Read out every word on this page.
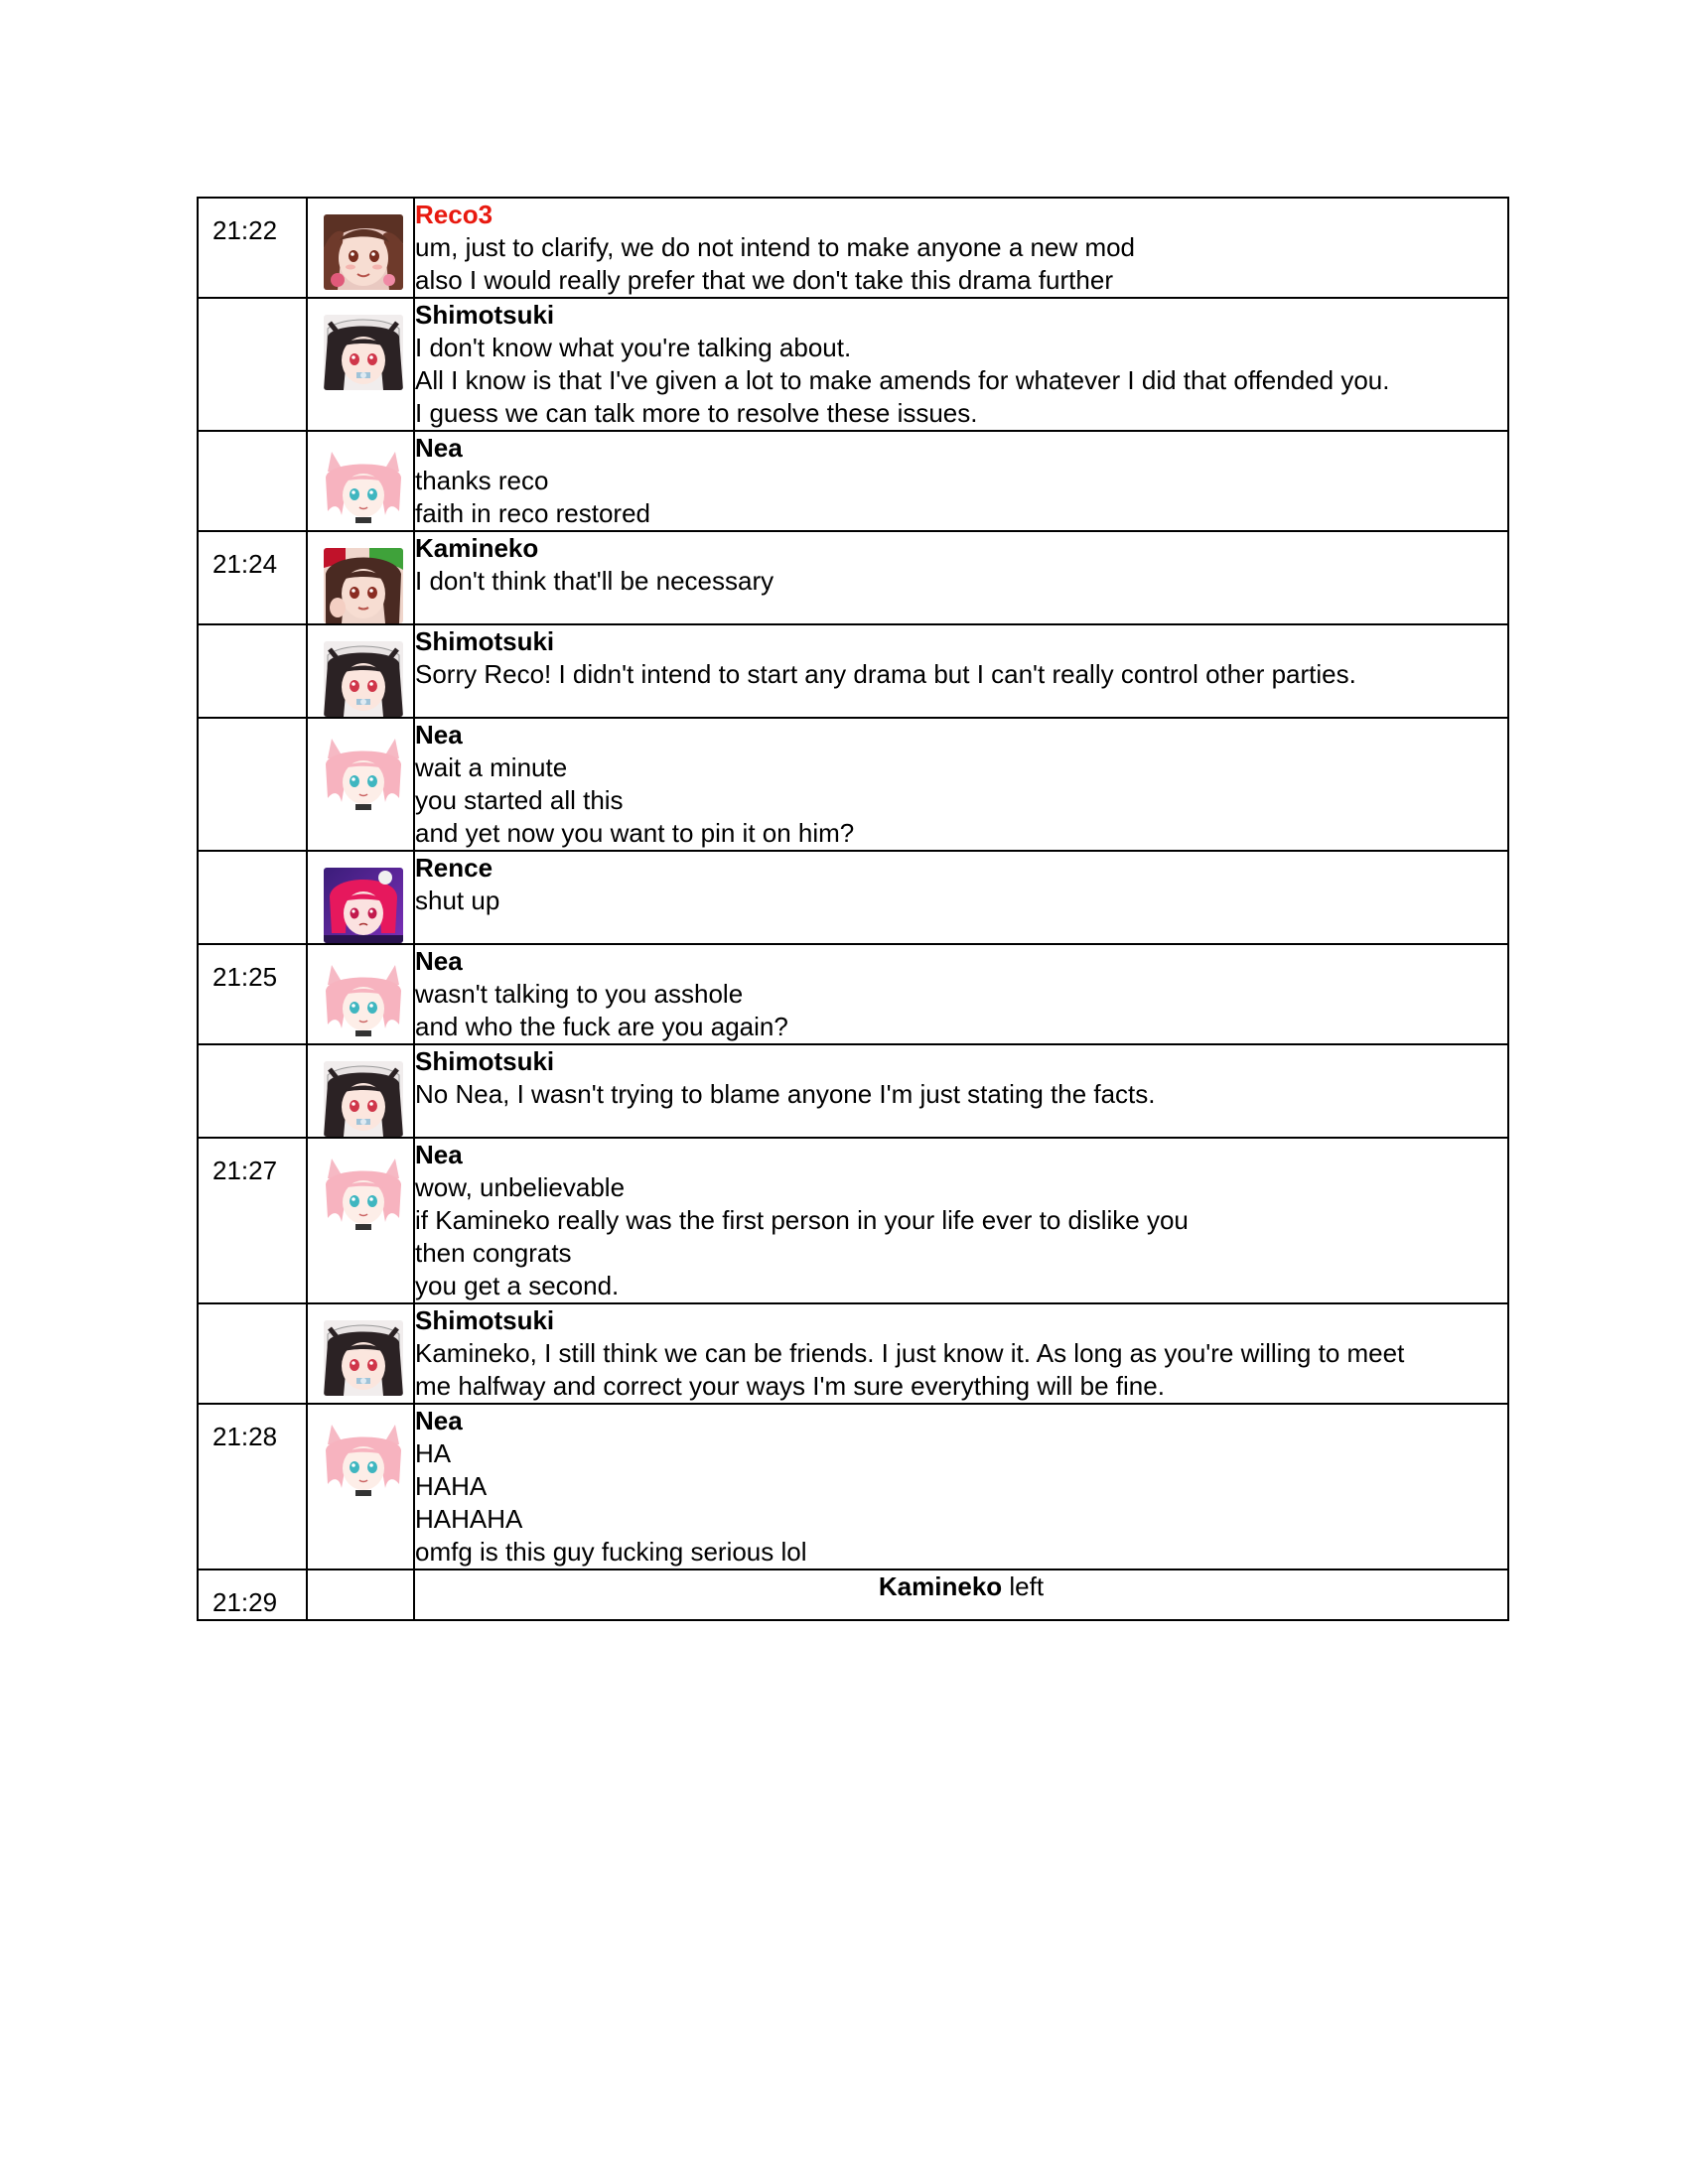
21:22		Reco3
um, just to clarify, we do not intend to make anyone a new mod
also I would really prefer that we don't take this drama further

Shimotsuki
I don't know what you're talking about.
All I know is that I've given a lot to make amends for whatever I did that offended you.
I guess we can talk more to resolve these issues.

Nea
thanks reco
faith in reco restored

21:24		Kamineko
I don't think that'll be necessary

Shimotsuki
Sorry Reco! I didn't intend to start any drama but I can't really control other parties.

Nea
wait a minute
you started all this
and yet now you want to pin it on him?

Rence
shut up

21:25		Nea
wasn't talking to you asshole
and who the fuck are you again?

Shimotsuki
No Nea, I wasn't trying to blame anyone I'm just stating the facts.

21:27		Nea
wow, unbelievable
if Kamineko really was the first person in your life ever to dislike you
then congrats
you get a second.

Shimotsuki
Kamineko, I still think we can be friends. I just know it. As long as you're willing to meet
me halfway and correct your ways I'm sure everything will be fine.

21:28		Nea
HA
HAHA
HAHAHA
omfg is this guy fucking serious lol

21:29		Kamineko left
